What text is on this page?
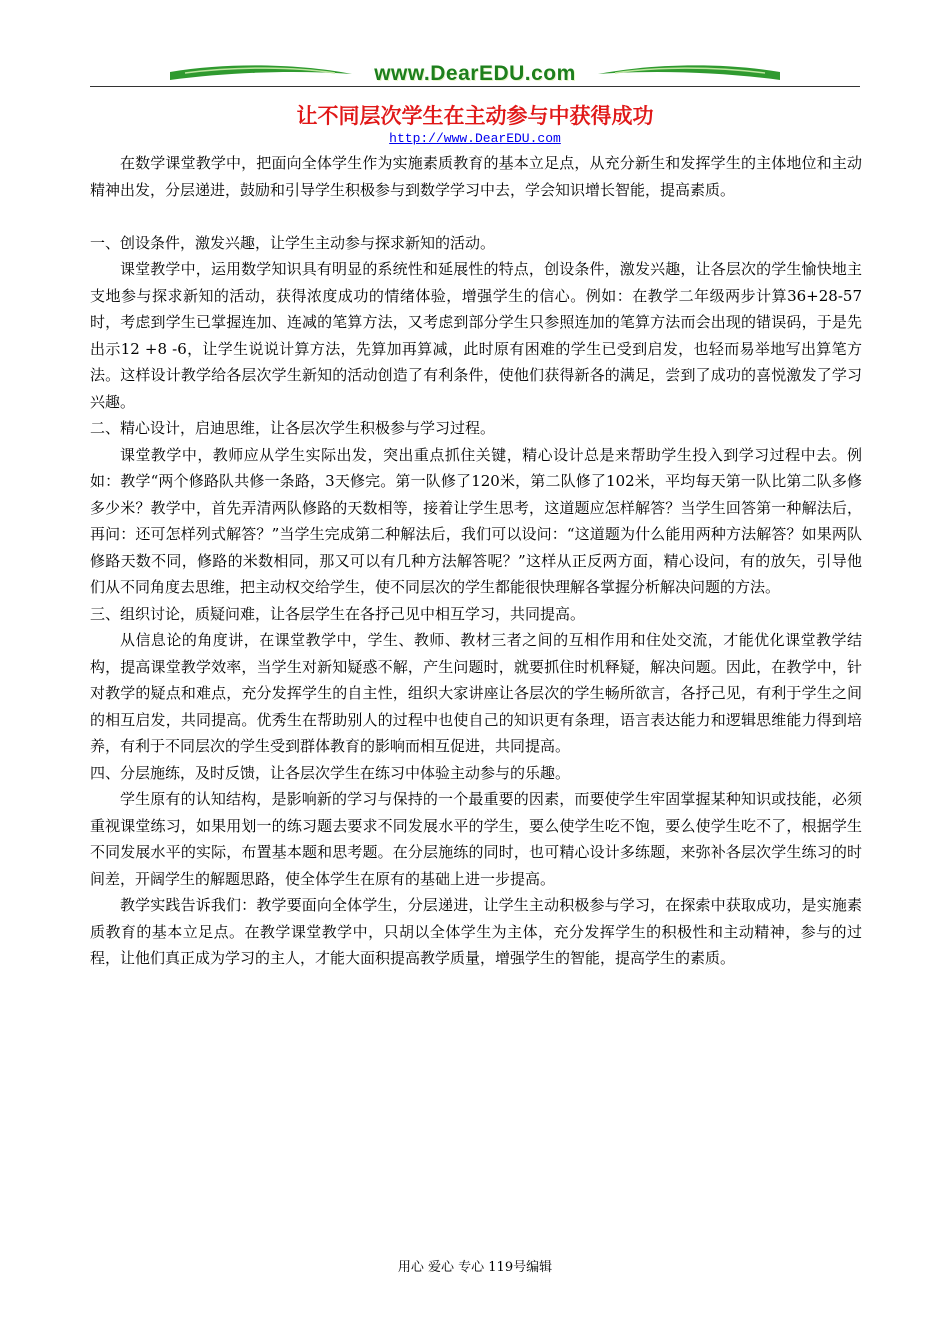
www.DearEDU.com
让不同层次学生在主动参与中获得成功
http://www.DearEDU.com

在数学课堂教学中，把面向全体学生作为实施素质教育的基本立足点，从充分新生和发挥学生的主体地位和主动精神出发，分层递进，鼓励和引导学生积极参与到数学学习中去，学会知识增长智能，提高素质。

一、创设条件，激发兴趣，让学生主动参与探求新知的活动。

课堂教学中，运用数学知识具有明显的系统性和延展性的特点，创设条件，激发兴趣，让各层次的学生愉快地主支地参与探求新知的活动，获得浓度成功的情绪体验，增强学生的信心。例如：在教学二年级两步计算36+28-57时，考虑到学生已掌握连加、连减的笔算方法，又考虑到部分学生只参照连加的笔算方法而会出现的错误码，于是先出示12 +8 -6，让学生说说计算方法，先算加再算减，此时原有困难的学生已受到启发，也轻而易举地写出算笔方法。这样设计教学给各层次学生新知的活动创造了有利条件，使他们获得新各的满足，尝到了成功的喜悦激发了学习兴趣。

二、精心设计，启迪思维，让各层次学生积极参与学习过程。

课堂教学中，教师应从学生实际出发，突出重点抓住关键，精心设计总是来帮助学生投入到学习过程中去。例如：教学“两个修路队共修一条路，3天修完。第一队修了120米，第二队修了102米，平均每天第一队比第二队多修多少米？教学中，首先弄清两队修路的天数相等，接着让学生思考，这道题应怎样解答？当学生回答第一种解法后，再问：还可怎样列式解答？”当学生完成第二种解法后，我们可以设问：“这道题为什么能用两种方法解答？如果两队修路天数不同，修路的米数相同，那又可以有几种方法解答呢？”这样从正反两方面，精心设问，有的放矢，引导他们从不同角度去思维，把主动权交给学生，使不同层次的学生都能很快理解各掌握分析解决问题的方法。

三、组织讨论，质疑问难，让各层学生在各抒己见中相互学习，共同提高。

从信息论的角度讲，在课堂教学中，学生、教师、教材三者之间的互相作用和住处交流，才能优化课堂教学结构，提高课堂教学效率，当学生对新知疑惑不解，产生问题时，就要抓住时机释疑，解决问题。因此，在教学中，针对教学的疑点和难点，充分发挥学生的自主性，组织大家讲座让各层次的学生畅所欲言，各抒己见，有利于学生之间的相互启发，共同提高。优秀生在帮助别人的过程中也使自己的知识更有条理，语言表达能力和逻辑思维能力得到培养，有利于不同层次的学生受到群体教育的影响而相互促进，共同提高。

四、分层施练，及时反馈，让各层次学生在练习中体验主动参与的乐趣。

学生原有的认知结构，是影响新的学习与保持的一个最重要的因素，而要使学生牢固掌握某种知识或技能，必须重视课堂练习，如果用划一的练习题去要求不同发展水平的学生，要么使学生吃不饱，要么使学生吃不了，根据学生不同发展水平的实际，布置基本题和思考题。在分层施练的同时，也可精心设计多练题，来弥补各层次学生练习的时间差，开阔学生的解题思路，使全体学生在原有的基础上进一步提高。

教学实践告诉我们：教学要面向全体学生，分层递进，让学生主动积极参与学习，在探索中获取成功，是实施素质教育的基本立足点。在教学课堂教学中，只胡以全体学生为主体，充分发挥学生的积极性和主动精神，参与的过程，让他们真正成为学习的主人，才能大面积提高教学质量，增强学生的智能，提高学生的素质。

用心 爱心 专心 119号编辑
